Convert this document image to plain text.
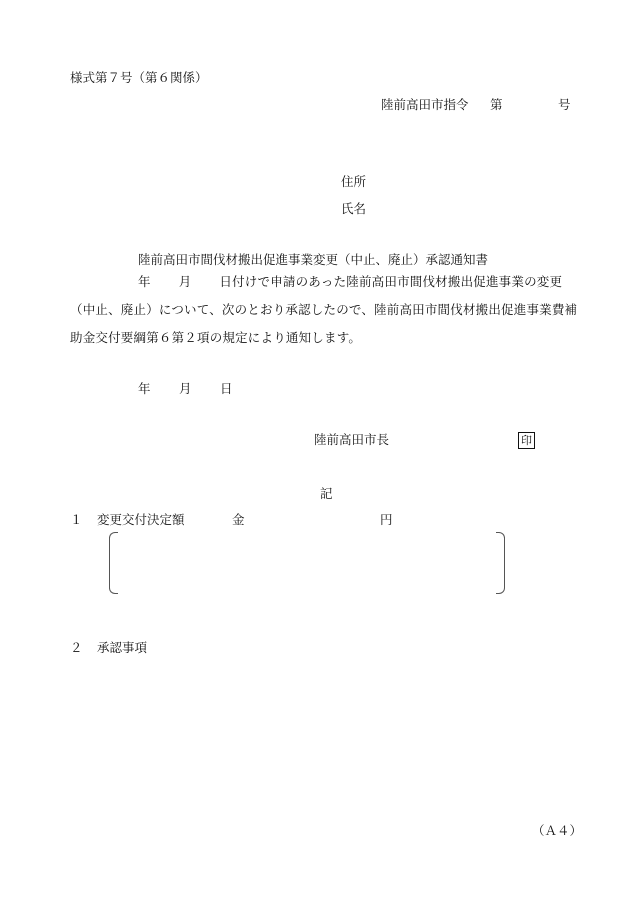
様式第７号（第６関係）
陸前高田市指令 第	号
住所
氏名
陸前高田市間伐材搬出促進事業変更（中止、廃止）承認通知書
年 月 日付けで申請のあった陸前高田市間伐材搬出促進事業の変更（中止、廃止）について、次のとおり承認したので、陸前高田市間伐材搬出促進事業費補助金交付要綱第６第２項の規定により通知します。
年 月 日
陸前高田市長	印
記
１ 変更交付決定額	金	円
２ 承認事項
（Ａ４）
